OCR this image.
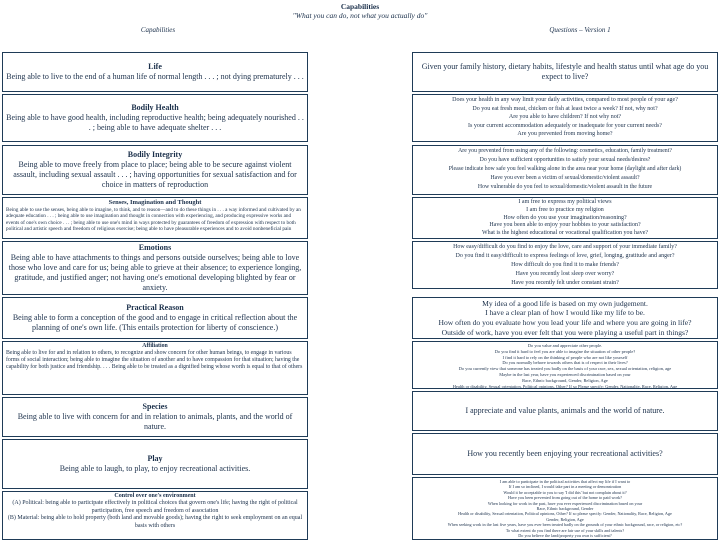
Capabilities
Capabilities
"What you can do, not what you actually do"
Questions – Version 1
Life
Being able to live to the end of a human life of normal length . . . ; not dying prematurely . . .
Bodily Health
Being able to have good health, including reproductive health; being adequately nourished . . . ; being able to have adequate shelter . . .
Bodily Integrity
Being able to move freely from place to place; being able to be secure against violent assault, including sexual assault . . . ; having opportunities for sexual satisfaction and for choice in matters of reproduction
Senses, Imagination and Thought
Being able to use the senses, being able to imagine, to think, and to reason—and to do these things in . . . a way informed and cultivated by an adequate education . . . ; being able to use imagination and thought in connection with experiencing, and producing expressive works and events of one's own choice . . . ; being able to use one's mind in ways protected by guarantees of freedom of expression with respect to both political and artistic speech and freedom of religious exercise; being able to have pleasurable experiences and to avoid nonbeneficial pain
Emotions
Being able to have attachments to things and persons outside ourselves; being able to love those who love and care for us; being able to grieve at their absence; to experience longing, gratitude, and justified anger; not having one's emotional developing blighted by fear or anxiety.
Practical Reason
Being able to form a conception of the good and to engage in critical reflection about the planning of one's own life. (This entails protection for liberty of conscience.)
Affiliation
Being able to live for and in relation to others, to recognize and show concern for other human beings, to engage in various forms of social interaction; being able to imagine the situation of another and to have compassion for that situation; having the capability for both justice and friendship. . . . Being able to be treated as a dignified being whose worth is equal to that of others
Species
Being able to live with concern for and in relation to animals, plants, and the world of nature.
Play
Being able to laugh, to play, to enjoy recreational activities.
Control over one's environment
(A) Political: being able to participate effectively in political choices that govern one's life; having the right of political participation, free speech and freedom of association
(B) Material: being able to hold property (both land and movable goods); having the right to seek employment on an equal basis with others
Given your family history, dietary habits, lifestyle and health status until what age do you expect to live?
Does your health in any way limit your daily activities, compared to most people of your age?
Do you eat fresh meat, chicken or fish at least twice a week? If not, why not?
Are you able to have children? If not why not?
Is your current accommodation adequately or inadequate for your current needs?
Are you prevented from moving home?
Are you prevented from using any of the following: cosmetics, education, family treatment?
Do you have sufficient opportunities to satisfy your sexual needs/desires?
Please indicate how safe you feel walking alone in the area near your home (daylight and after dark)
Have you ever been a victim of sexual/domestic/violent assault?
How vulnerable do you feel to sexual/domestic/violent assault in the future
I am free to express my political views
I am free to practice my religion
How often do you use your imagination/reasoning?
Have you been able to enjoy your hobbies to your satisfaction?
What is the highest educational or vocational qualification you have?
How easy/difficult do you find to enjoy the love, care and support of your immediate family?
Do you find it easy/difficult to express feelings of love, grief, longing, gratitude and anger?
How difficult do you find it to make friends?
Have you recently lost sleep over worry?
Have you recently felt under constant strain?
My idea of a good life is based on my own judgement.
I have a clear plan of how I would like my life to be.
How often do you evaluate how you lead your life and where you are going in life?
Outside of work, have you ever felt that you were playing a useful part in things?
Do you value and appreciate other people.
Do you find it hard to feel you are able to imagine the situation of other people?
I find it hard to rely on the thinking of people who are not like yourself
Do you normally behave towards others that is of respect in their lives?
Do you currently view that someone has treated you badly on the basis of your race, sex, sexual orientation, religion, age
Maybe in the last year, have you experienced discrimination based on your
Race, Ethnic background, Gender, Religion, Age
Health or disability, Sexual orientation, Political opinions, Other? If so Please specify: Gender, Nationality, Race, Religion, Age
I appreciate and value plants, animals and the world of nature.
How you recently been enjoying your recreational activities?
I am able to participate in the political activities that affect my life if I want to
If I am so inclined, I would take part in a meeting or demonstration
Would it be acceptable to you to say 'I did this' but not complain about it?
Have you been prevented from going out of the home to paid work?
When looking for work in the past, have you ever experienced discrimination based on your
Race, Ethnic background, Gender
Health or disability, Sexual orientation, Political opinions, Other? If so please specify: Gender, Nationality, Race, Religion, Age
Gender, Religion, Age
When seeking work in the last five years, have you ever been treated badly on the grounds of your ethnic background, race, or religion, etc?
To what extent do you find there are fair use of your skills and talents?
Do you believe the land/property you own is sufficient?
